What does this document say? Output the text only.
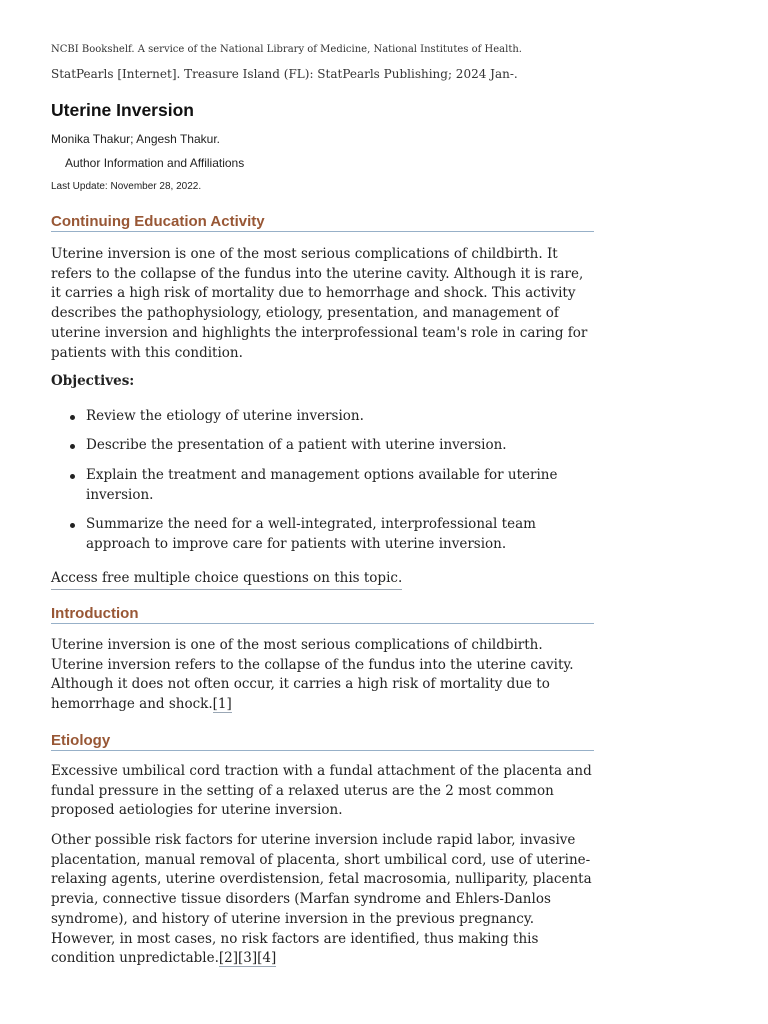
NCBI Bookshelf. A service of the National Library of Medicine, National Institutes of Health.
StatPearls [Internet]. Treasure Island (FL): StatPearls Publishing; 2024 Jan-.
Uterine Inversion
Monika Thakur; Angesh Thakur.
Author Information and Affiliations
Last Update: November 28, 2022.
Continuing Education Activity

Uterine inversion is one of the most serious complications of childbirth. It refers to the collapse of the fundus into the uterine cavity. Although it is rare, it carries a high risk of mortality due to hemorrhage and shock. This activity describes the pathophysiology, etiology, presentation, and management of uterine inversion and highlights the interprofessional team's role in caring for patients with this condition.

Objectives:
Review the etiology of uterine inversion.
Describe the presentation of a patient with uterine inversion.
Explain the treatment and management options available for uterine inversion.
Summarize the need for a well-integrated, interprofessional team approach to improve care for patients with uterine inversion.
Access free multiple choice questions on this topic.
Introduction

Uterine inversion is one of the most serious complications of childbirth. Uterine inversion refers to the collapse of the fundus into the uterine cavity. Although it does not often occur, it carries a high risk of mortality due to hemorrhage and shock.[1]

Etiology

Excessive umbilical cord traction with a fundal attachment of the placenta and fundal pressure in the setting of a relaxed uterus are the 2 most common proposed aetiologies for uterine inversion.

Other possible risk factors for uterine inversion include rapid labor, invasive placentation, manual removal of placenta, short umbilical cord, use of uterine-relaxing agents, uterine overdistension, fetal macrosomia, nulliparity, placenta previa, connective tissue disorders (Marfan syndrome and Ehlers-Danlos syndrome), and history of uterine inversion in the previous pregnancy. However, in most cases, no risk factors are identified, thus making this condition unpredictable.[2][3][4]
